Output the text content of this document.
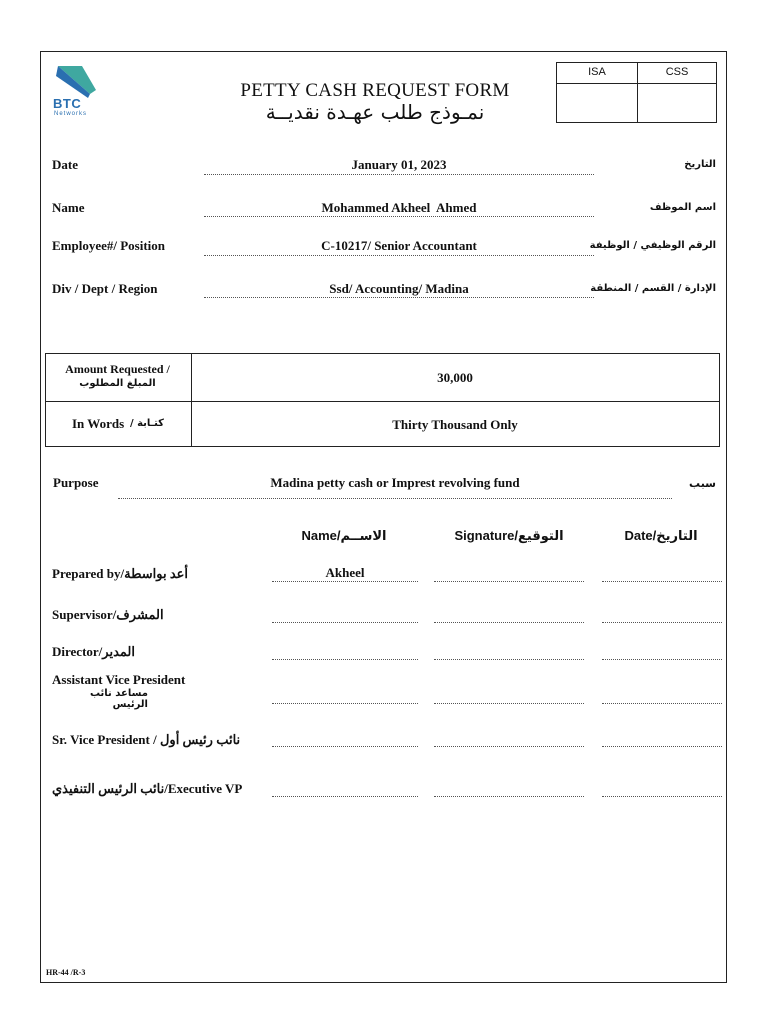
BTC
Networks
PETTY CASH REQUEST FORM
نمـوذج طلب عهـدة نقديــة
ISA	CSS
Date	January 01, 2023	التاريخ
Name	Mohammed Akheel  Ahmed	اسم الموظف
Employee#/ Position	C-10217/ Senior Accountant	الرقم الوظيفي / الوظيفة
Div / Dept / Region	Ssd/ Accounting/ Madina	الإدارة / القسم / المنطقة
Amount Requested /
المبلغ المطلوب	30,000
In Words كتـابة /	Thirty Thousand Only
Purpose	Madina petty cash or Imprest revolving fund	سبب
Name/الاســم	Signature/التوقيع	Date/التاريخ
Prepared by/أعد بواسطة	Akheel
Supervisor/المشرف
Director/المدير
Assistant Vice President
مساعد نائب الرئيس
Sr. Vice President / نائب رئيس أول
نائب الرئيس التنفيذي/Executive VP
HR-44 /R-3
